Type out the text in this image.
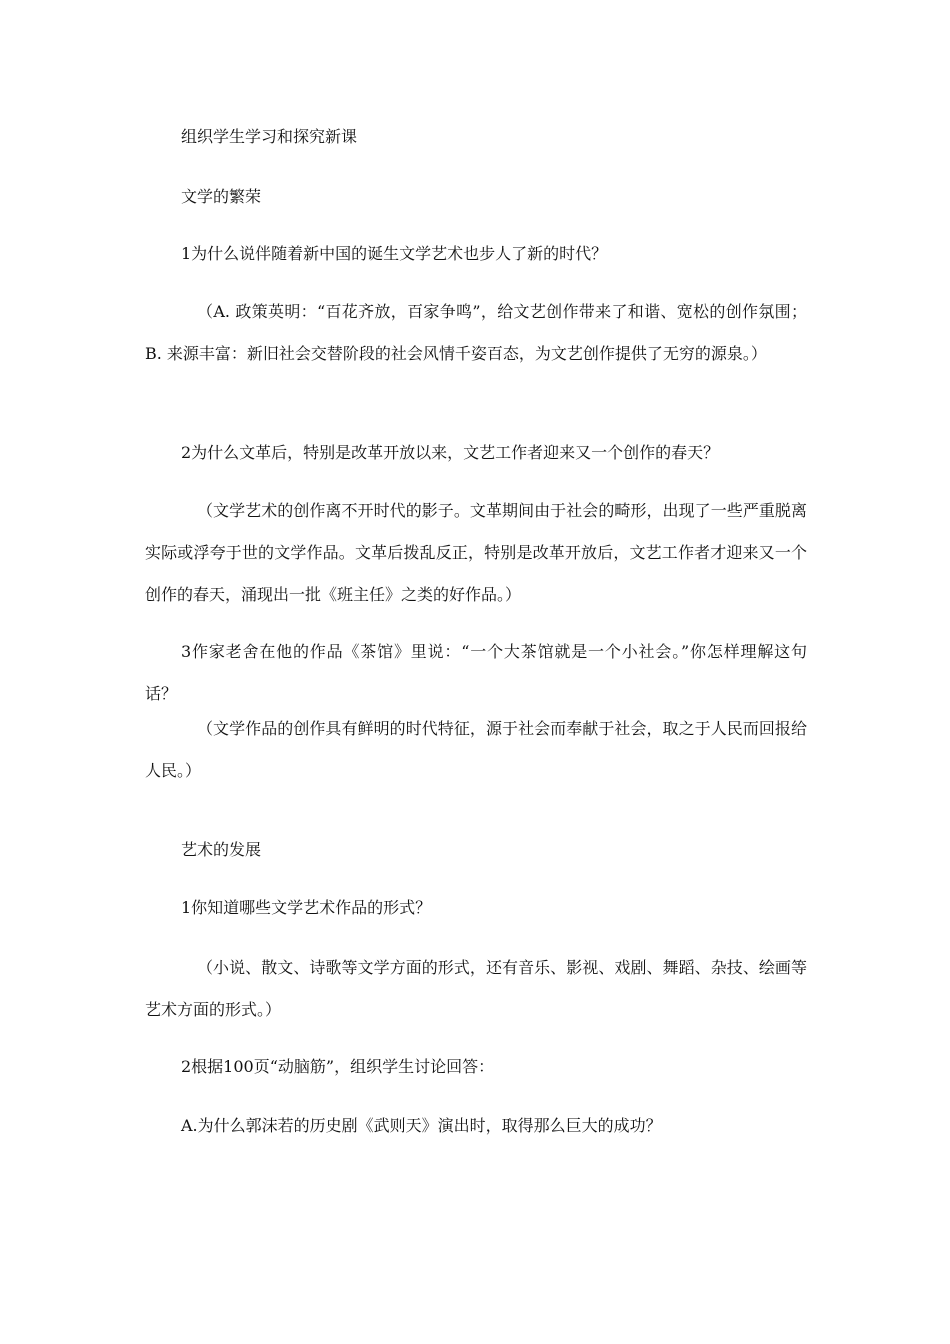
组织学生学习和探究新课

文学的繁荣

1为什么说伴随着新中国的诞生文学艺术也步人了新的时代？

（A. 政策英明：“百花齐放，百家争鸣”，给文艺创作带来了和谐、宽松的创作氛围； B. 来源丰富：新旧社会交替阶段的社会风情千姿百态，为文艺创作提供了无穷的源泉。）

2为什么文革后，特别是改革开放以来，文艺工作者迎来又一个创作的春天？

（文学艺术的创作离不开时代的影子。文革期间由于社会的畸形，出现了一些严重脱离实际或浮夸于世的文学作品。文革后拨乱反正，特别是改革开放后，文艺工作者才迎来又一个创作的春天，涌现出一批《班主任》之类的好作品。）

3作家老舍在他的作品《茶馆》里说：“一个大茶馆就是一个小社会。”你怎样理解这句话？

（文学作品的创作具有鲜明的时代特征，源于社会而奉献于社会，取之于人民而回报给人民。）

艺术的发展

1你知道哪些文学艺术作品的形式？

（小说、散文、诗歌等文学方面的形式，还有音乐、影视、戏剧、舞蹈、杂技、绘画等艺术方面的形式。）

2根据100页“动脑筋”，组织学生讨论回答：

A.为什么郭沫若的历史剧《武则天》演出时，取得那么巨大的成功？
